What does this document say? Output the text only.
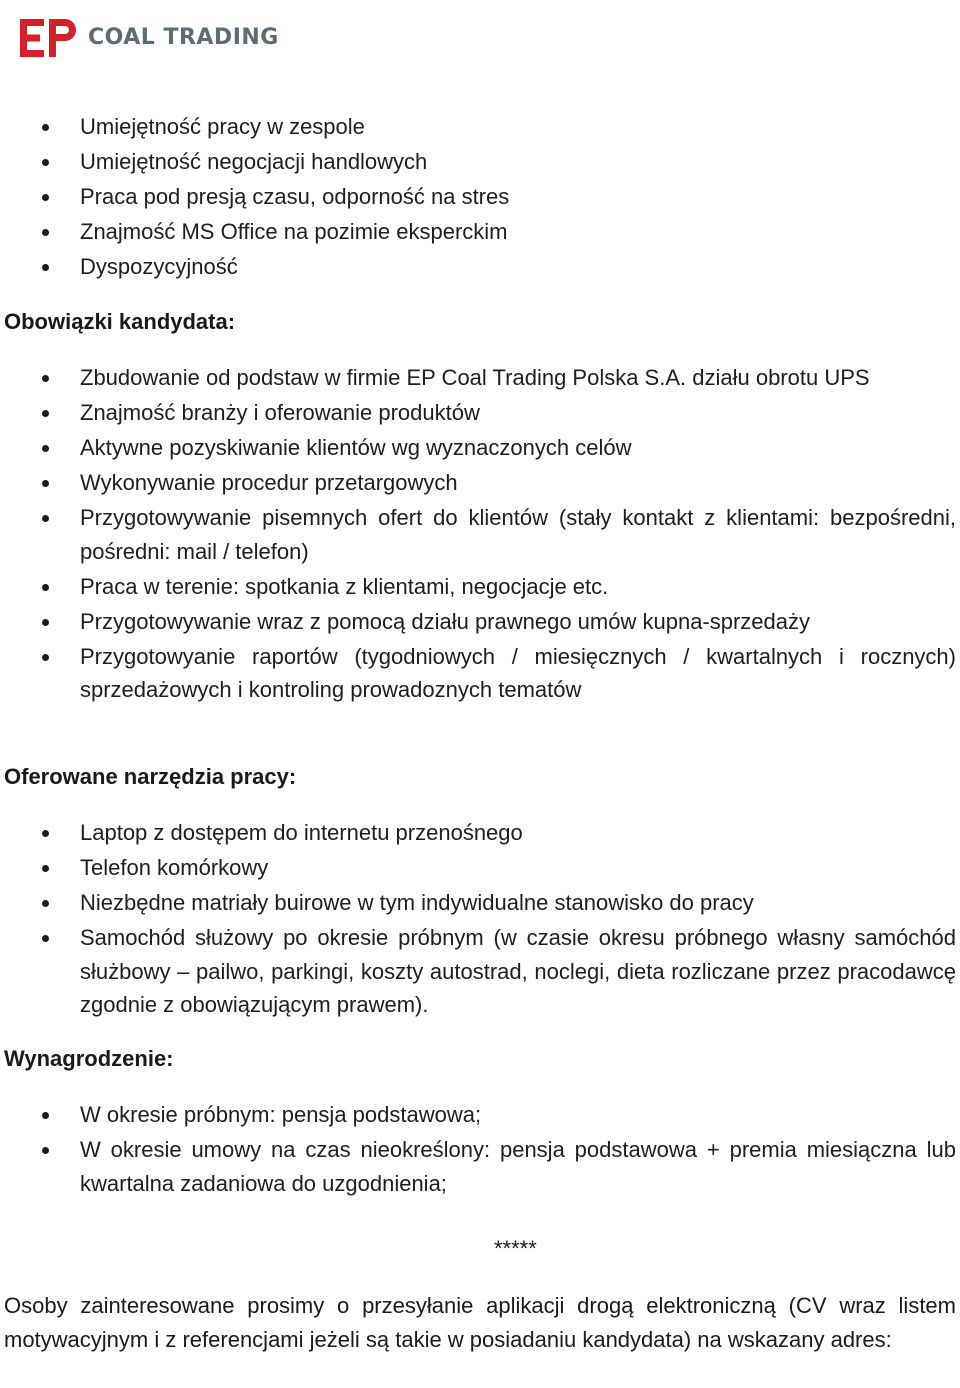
COAL TRADING
Umiejętność pracy w zespole
Umiejętność negocjacji handlowych
Praca pod presją czasu, odporność na stres
Znajmość MS Office na pozimie eksperckim
Dyspozycyjność
Obowiązki kandydata:
Zbudowanie od podstaw w firmie EP Coal Trading Polska S.A. działu obrotu UPS
Znajmość branży i oferowanie produktów
Aktywne pozyskiwanie klientów wg wyznaczonych celów
Wykonywanie procedur przetargowych
Przygotowywanie pisemnych ofert do klientów (stały kontakt z klientami: bezpośredni, pośredni: mail / telefon)
Praca w terenie: spotkania z klientami, negocjacje etc.
Przygotowywanie wraz z pomocą działu prawnego umów kupna-sprzedaży
Przygotowyanie raportów (tygodniowych / miesięcznych / kwartalnych i rocznych) sprzedażowych i kontroling prowadoznych tematów
Oferowane narzędzia pracy:
Laptop z dostępem do internetu przenośnego
Telefon komórkowy
Niezbędne matriały buirowe w tym indywidualne stanowisko do pracy
Samochód służowy po okresie próbnym (w czasie okresu próbnego własny samóchód służbowy – pailwo, parkingi, koszty autostrad, noclegi, dieta rozliczane przez pracodawcę zgodnie z obowiązującym prawem).
Wynagrodzenie:
W okresie próbnym: pensja podstawowa;
W okresie umowy na czas nieokreślony: pensja podstawowa + premia miesiączna lub kwartalna zadaniowa do uzgodnienia;
*****
Osoby zainteresowane prosimy o przesyłanie aplikacji drogą elektroniczną (CV wraz listem motywacyjnym i z referencjami jeżeli są takie w posiadaniu kandydata) na wskazany adres:
